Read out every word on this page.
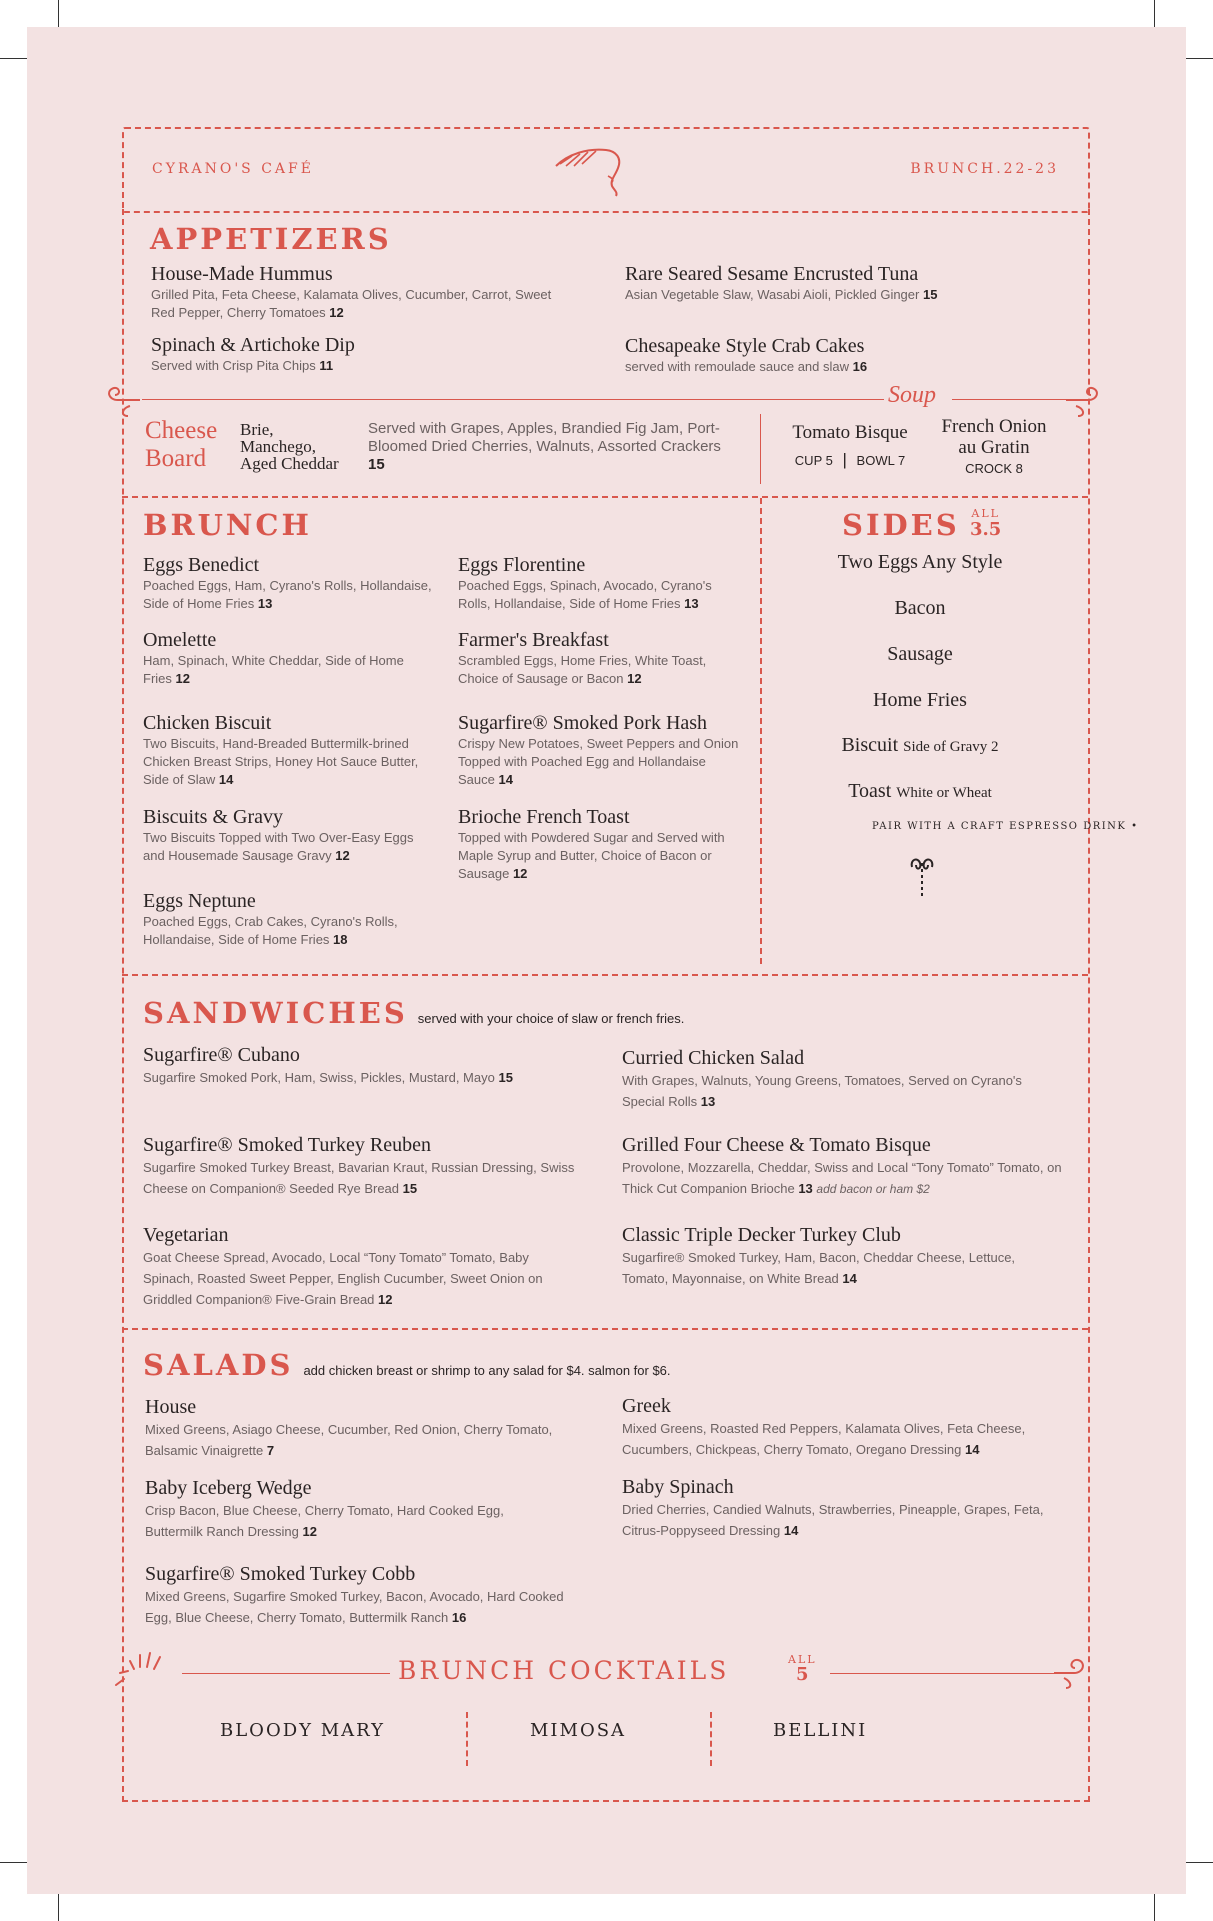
CYRANO'S CAFÉ	BRUNCH.22-23
APPETIZERS
House-Made Hummus
Grilled Pita, Feta Cheese, Kalamata Olives, Cucumber, Carrot, Sweet Red Pepper, Cherry Tomatoes 12
Spinach & Artichoke Dip
Served with Crisp Pita Chips 11
Rare Seared Sesame Encrusted Tuna
Asian Vegetable Slaw, Wasabi Aioli, Pickled Ginger 15
Chesapeake Style Crab Cakes
served with remoulade sauce and slaw 16
Soup
Cheese
Board
Brie,
Manchego,
Aged Cheddar
Served with Grapes, Apples, Brandied Fig Jam, Port-Bloomed Dried Cherries, Walnuts, Assorted Crackers 15
Tomato Bisque
CUP 5 | BOWL 7
French Onion
au Gratin
CROCK 8
BRUNCH
Eggs Benedict
Poached Eggs, Ham, Cyrano's Rolls, Hollandaise, Side of Home Fries 13
Omelette
Ham, Spinach, White Cheddar, Side of Home Fries 12
Chicken Biscuit
Two Biscuits, Hand-Breaded Buttermilk-brined Chicken Breast Strips, Honey Hot Sauce Butter, Side of Slaw 14
Biscuits & Gravy
Two Biscuits Topped with Two Over-Easy Eggs and Housemade Sausage Gravy 12
Eggs Neptune
Poached Eggs, Crab Cakes, Cyrano's Rolls, Hollandaise, Side of Home Fries 18
Eggs Florentine
Poached Eggs, Spinach, Avocado, Cyrano's Rolls, Hollandaise, Side of Home Fries 13
Farmer's Breakfast
Scrambled Eggs, Home Fries, White Toast, Choice of Sausage or Bacon 12
Sugarfire® Smoked Pork Hash
Crispy New Potatoes, Sweet Peppers and Onion Topped with Poached Egg and Hollandaise Sauce 14
Brioche French Toast
Topped with Powdered Sugar and Served with Maple Syrup and Butter, Choice of Bacon or Sausage 12
SIDES ALL
3.5
Two Eggs Any Style
Bacon
Sausage
Home Fries
Biscuit Side of Gravy 2
Toast White or Wheat
PAIR WITH A CRAFT ESPRESSO DRINK •
SANDWICHES served with your choice of slaw or french fries.
Sugarfire® Cubano
Sugarfire Smoked Pork, Ham, Swiss, Pickles, Mustard, Mayo 15
Sugarfire® Smoked Turkey Reuben
Sugarfire Smoked Turkey Breast, Bavarian Kraut, Russian Dressing, Swiss Cheese on Companion® Seeded Rye Bread 15
Vegetarian
Goat Cheese Spread, Avocado, Local “Tony Tomato” Tomato, Baby Spinach, Roasted Sweet Pepper, English Cucumber, Sweet Onion on Griddled Companion® Five-Grain Bread 12
Curried Chicken Salad
With Grapes, Walnuts, Young Greens, Tomatoes, Served on Cyrano's Special Rolls 13
Grilled Four Cheese & Tomato Bisque
Provolone, Mozzarella, Cheddar, Swiss and Local “Tony Tomato” Tomato, on Thick Cut Companion Brioche 13 add bacon or ham $2
Classic Triple Decker Turkey Club
Sugarfire® Smoked Turkey, Ham, Bacon, Cheddar Cheese, Lettuce, Tomato, Mayonnaise, on White Bread 14
SALADS add chicken breast or shrimp to any salad for $4. salmon for $6.
House
Mixed Greens, Asiago Cheese, Cucumber, Red Onion, Cherry Tomato, Balsamic Vinaigrette 7
Baby Iceberg Wedge
Crisp Bacon, Blue Cheese, Cherry Tomato, Hard Cooked Egg, Buttermilk Ranch Dressing 12
Sugarfire® Smoked Turkey Cobb
Mixed Greens, Sugarfire Smoked Turkey, Bacon, Avocado, Hard Cooked Egg, Blue Cheese, Cherry Tomato, Buttermilk Ranch 16
Greek
Mixed Greens, Roasted Red Peppers, Kalamata Olives, Feta Cheese, Cucumbers, Chickpeas, Cherry Tomato, Oregano Dressing 14
Baby Spinach
Dried Cherries, Candied Walnuts, Strawberries, Pineapple, Grapes, Feta, Citrus-Poppyseed Dressing 14
BRUNCH COCKTAILS	ALL
5
BLOODY MARY	MIMOSA	BELLINI
